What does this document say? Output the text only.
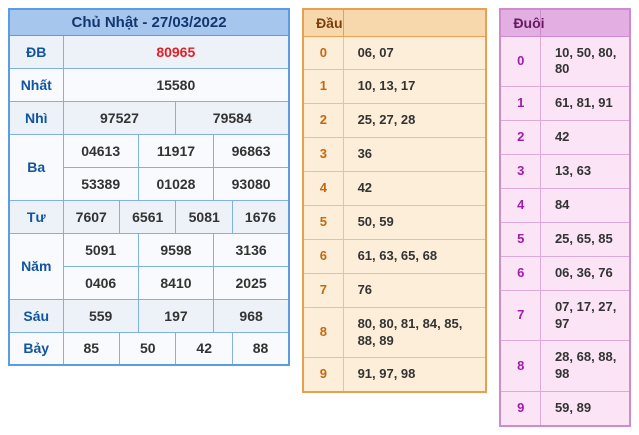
Chủ Nhật - 27/03/2022						
ĐB	80965					
Nhất	15580					
Nhì	97527			79584		
Ba	04613		11917		96863	
	53389		01028		93080	
Tư	7607	6561		5081		1676
Năm	5091		9598		3136	
	0406		8410		2025	
Sáu	559		197		968	
Bảy	85	50		42		88
Đầu	
0	06, 07
1	10, 13, 17
2	25, 27, 28
3	36
4	42
5	50, 59
6	61, 63, 65, 68
7	76
8	80, 80, 81, 84, 85, 88, 89
9	91, 97, 98
Đuôi	
0	10, 50, 80, 80
1	61, 81, 91
2	42
3	13, 63
4	84
5	25, 65, 85
6	06, 36, 76
7	07, 17, 27, 97
8	28, 68, 88, 98
9	59, 89
